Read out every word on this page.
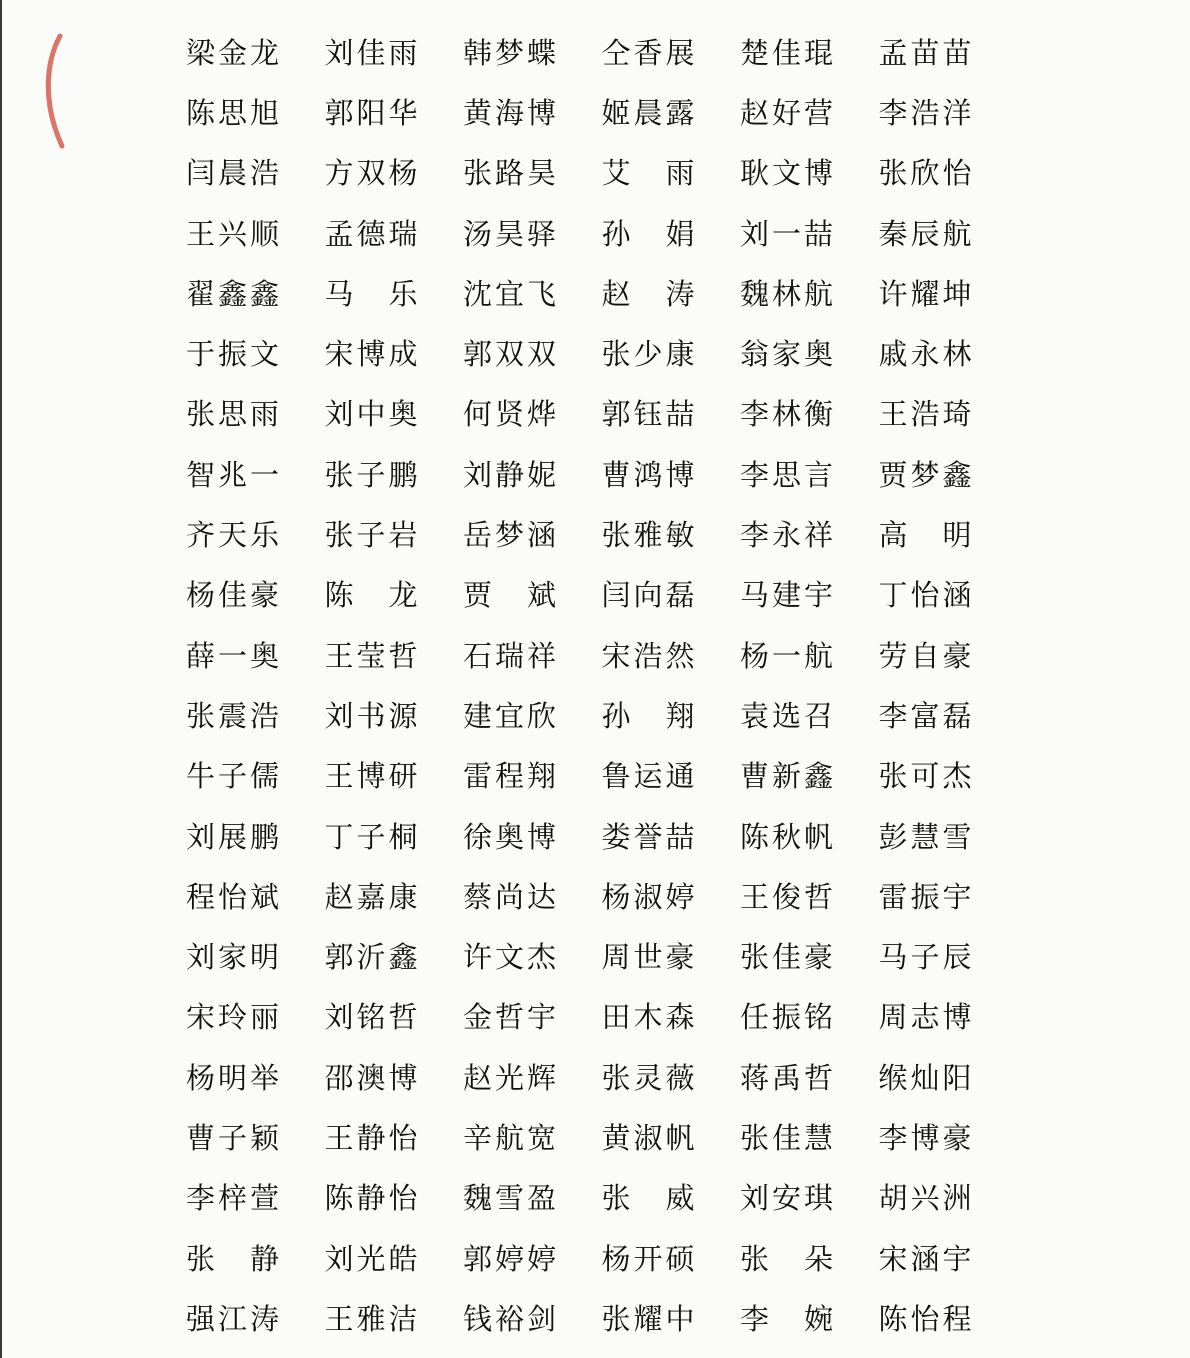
梁金龙	刘佳雨	韩梦蝶	仝香展	楚佳琨	孟苗苗
陈思旭	郭阳华	黄海博	姬晨露	赵好营	李浩洋
闫晨浩	方双杨	张路昊	艾　雨	耿文博	张欣怡
王兴顺	孟德瑞	汤昊驿	孙　娟	刘一喆	秦辰航
翟鑫鑫	马　乐	沈宜飞	赵　涛	魏林航	许耀坤
于振文	宋博成	郭双双	张少康	翁家奥	戚永林
张思雨	刘中奥	何贤烨	郭钰喆	李林衡	王浩琦
智兆一	张子鹏	刘静妮	曹鸿博	李思言	贾梦鑫
齐天乐	张子岩	岳梦涵	张雅敏	李永祥	高　明
杨佳豪	陈　龙	贾　斌	闫向磊	马建宇	丁怡涵
薛一奥	王莹哲	石瑞祥	宋浩然	杨一航	劳自豪
张震浩	刘书源	建宜欣	孙　翔	袁选召	李富磊
牛子儒	王博研	雷程翔	鲁运通	曹新鑫	张可杰
刘展鹏	丁子桐	徐奥博	娄誉喆	陈秋帆	彭慧雪
程怡斌	赵嘉康	蔡尚达	杨淑婷	王俊哲	雷振宇
刘家明	郭沂鑫	许文杰	周世豪	张佳豪	马子辰
宋玲丽	刘铭哲	金哲宇	田木森	任振铭	周志博
杨明举	邵澳博	赵光辉	张灵薇	蒋禹哲	缑灿阳
曹子颖	王静怡	辛航宽	黄淑帆	张佳慧	李博豪
李梓萱	陈静怡	魏雪盈	张　威	刘安琪	胡兴洲
张　静	刘光皓	郭婷婷	杨开硕	张　朵	宋涵宇
强江涛	王雅洁	钱裕剑	张耀中	李　婉	陈怡程
